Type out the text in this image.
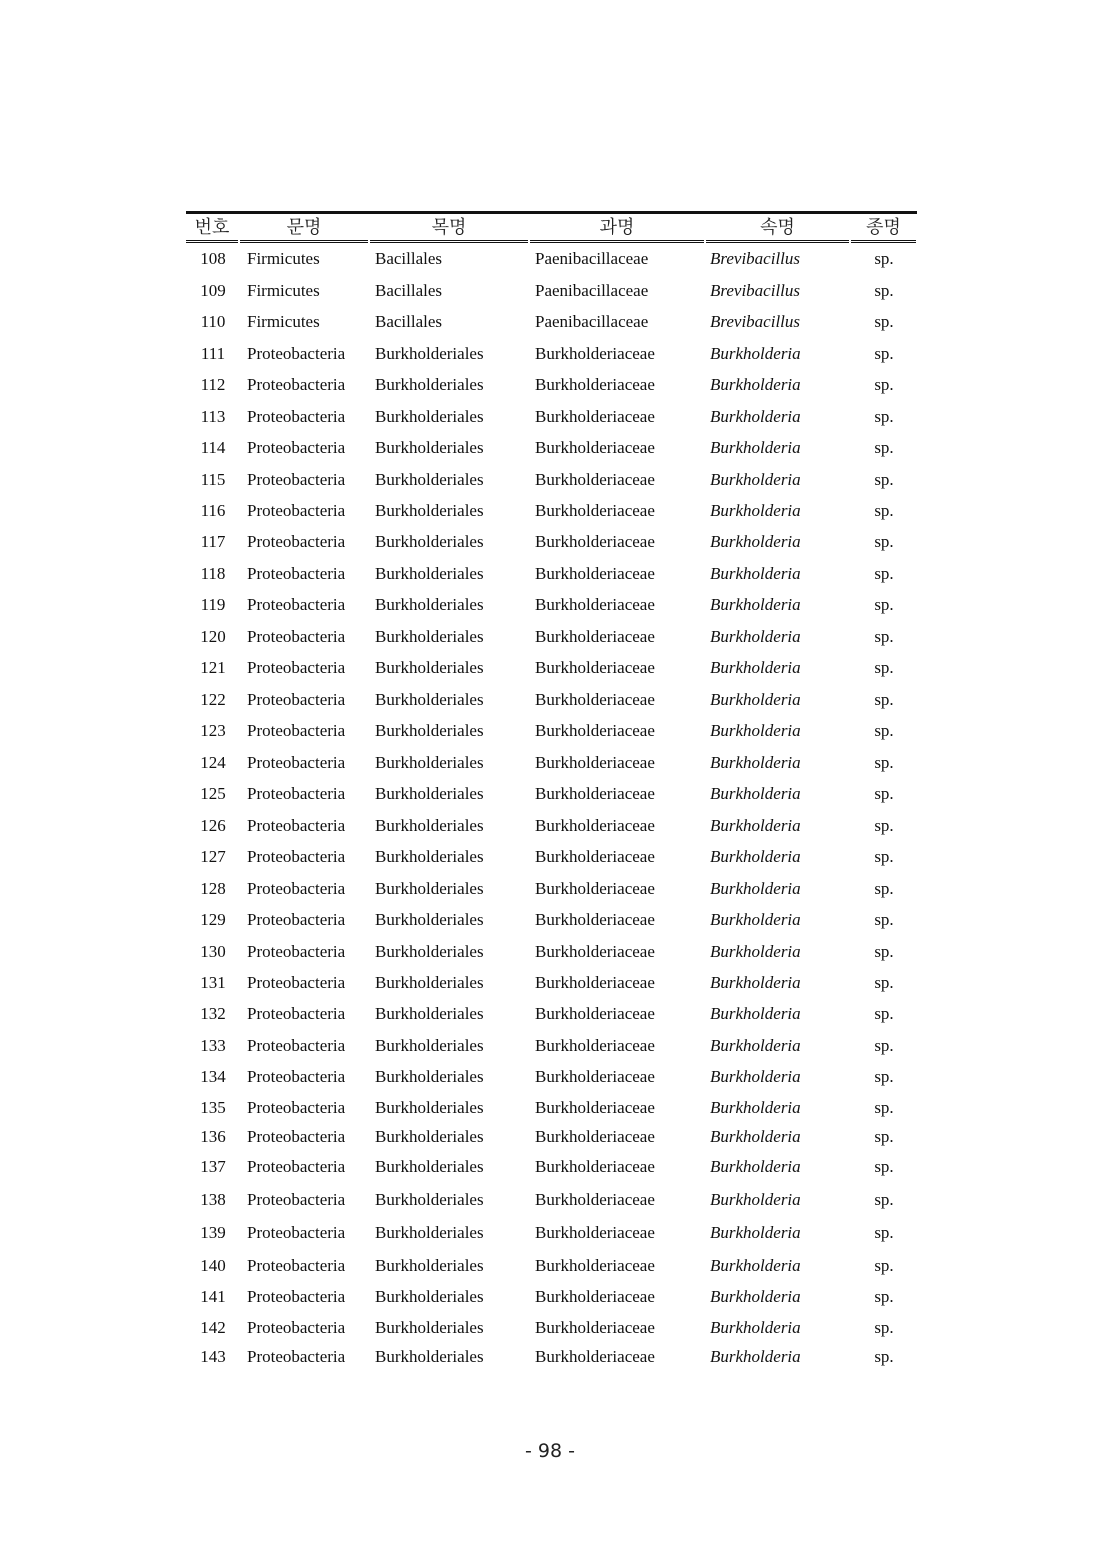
번호	문명	목명	과명	속명	종명
108	Firmicutes	Bacillales	Paenibacillaceae	Brevibacillus	sp.
109	Firmicutes	Bacillales	Paenibacillaceae	Brevibacillus	sp.
110	Firmicutes	Bacillales	Paenibacillaceae	Brevibacillus	sp.
111	Proteobacteria	Burkholderiales	Burkholderiaceae	Burkholderia	sp.
112	Proteobacteria	Burkholderiales	Burkholderiaceae	Burkholderia	sp.
113	Proteobacteria	Burkholderiales	Burkholderiaceae	Burkholderia	sp.
114	Proteobacteria	Burkholderiales	Burkholderiaceae	Burkholderia	sp.
115	Proteobacteria	Burkholderiales	Burkholderiaceae	Burkholderia	sp.
116	Proteobacteria	Burkholderiales	Burkholderiaceae	Burkholderia	sp.
117	Proteobacteria	Burkholderiales	Burkholderiaceae	Burkholderia	sp.
118	Proteobacteria	Burkholderiales	Burkholderiaceae	Burkholderia	sp.
119	Proteobacteria	Burkholderiales	Burkholderiaceae	Burkholderia	sp.
120	Proteobacteria	Burkholderiales	Burkholderiaceae	Burkholderia	sp.
121	Proteobacteria	Burkholderiales	Burkholderiaceae	Burkholderia	sp.
122	Proteobacteria	Burkholderiales	Burkholderiaceae	Burkholderia	sp.
123	Proteobacteria	Burkholderiales	Burkholderiaceae	Burkholderia	sp.
124	Proteobacteria	Burkholderiales	Burkholderiaceae	Burkholderia	sp.
125	Proteobacteria	Burkholderiales	Burkholderiaceae	Burkholderia	sp.
126	Proteobacteria	Burkholderiales	Burkholderiaceae	Burkholderia	sp.
127	Proteobacteria	Burkholderiales	Burkholderiaceae	Burkholderia	sp.
128	Proteobacteria	Burkholderiales	Burkholderiaceae	Burkholderia	sp.
129	Proteobacteria	Burkholderiales	Burkholderiaceae	Burkholderia	sp.
130	Proteobacteria	Burkholderiales	Burkholderiaceae	Burkholderia	sp.
131	Proteobacteria	Burkholderiales	Burkholderiaceae	Burkholderia	sp.
132	Proteobacteria	Burkholderiales	Burkholderiaceae	Burkholderia	sp.
133	Proteobacteria	Burkholderiales	Burkholderiaceae	Burkholderia	sp.
134	Proteobacteria	Burkholderiales	Burkholderiaceae	Burkholderia	sp.
135	Proteobacteria	Burkholderiales	Burkholderiaceae	Burkholderia	sp.
136	Proteobacteria	Burkholderiales	Burkholderiaceae	Burkholderia	sp.
137	Proteobacteria	Burkholderiales	Burkholderiaceae	Burkholderia	sp.
138	Proteobacteria	Burkholderiales	Burkholderiaceae	Burkholderia	sp.
139	Proteobacteria	Burkholderiales	Burkholderiaceae	Burkholderia	sp.
140	Proteobacteria	Burkholderiales	Burkholderiaceae	Burkholderia	sp.
141	Proteobacteria	Burkholderiales	Burkholderiaceae	Burkholderia	sp.
142	Proteobacteria	Burkholderiales	Burkholderiaceae	Burkholderia	sp.
143	Proteobacteria	Burkholderiales	Burkholderiaceae	Burkholderia	sp.
- 98 -
